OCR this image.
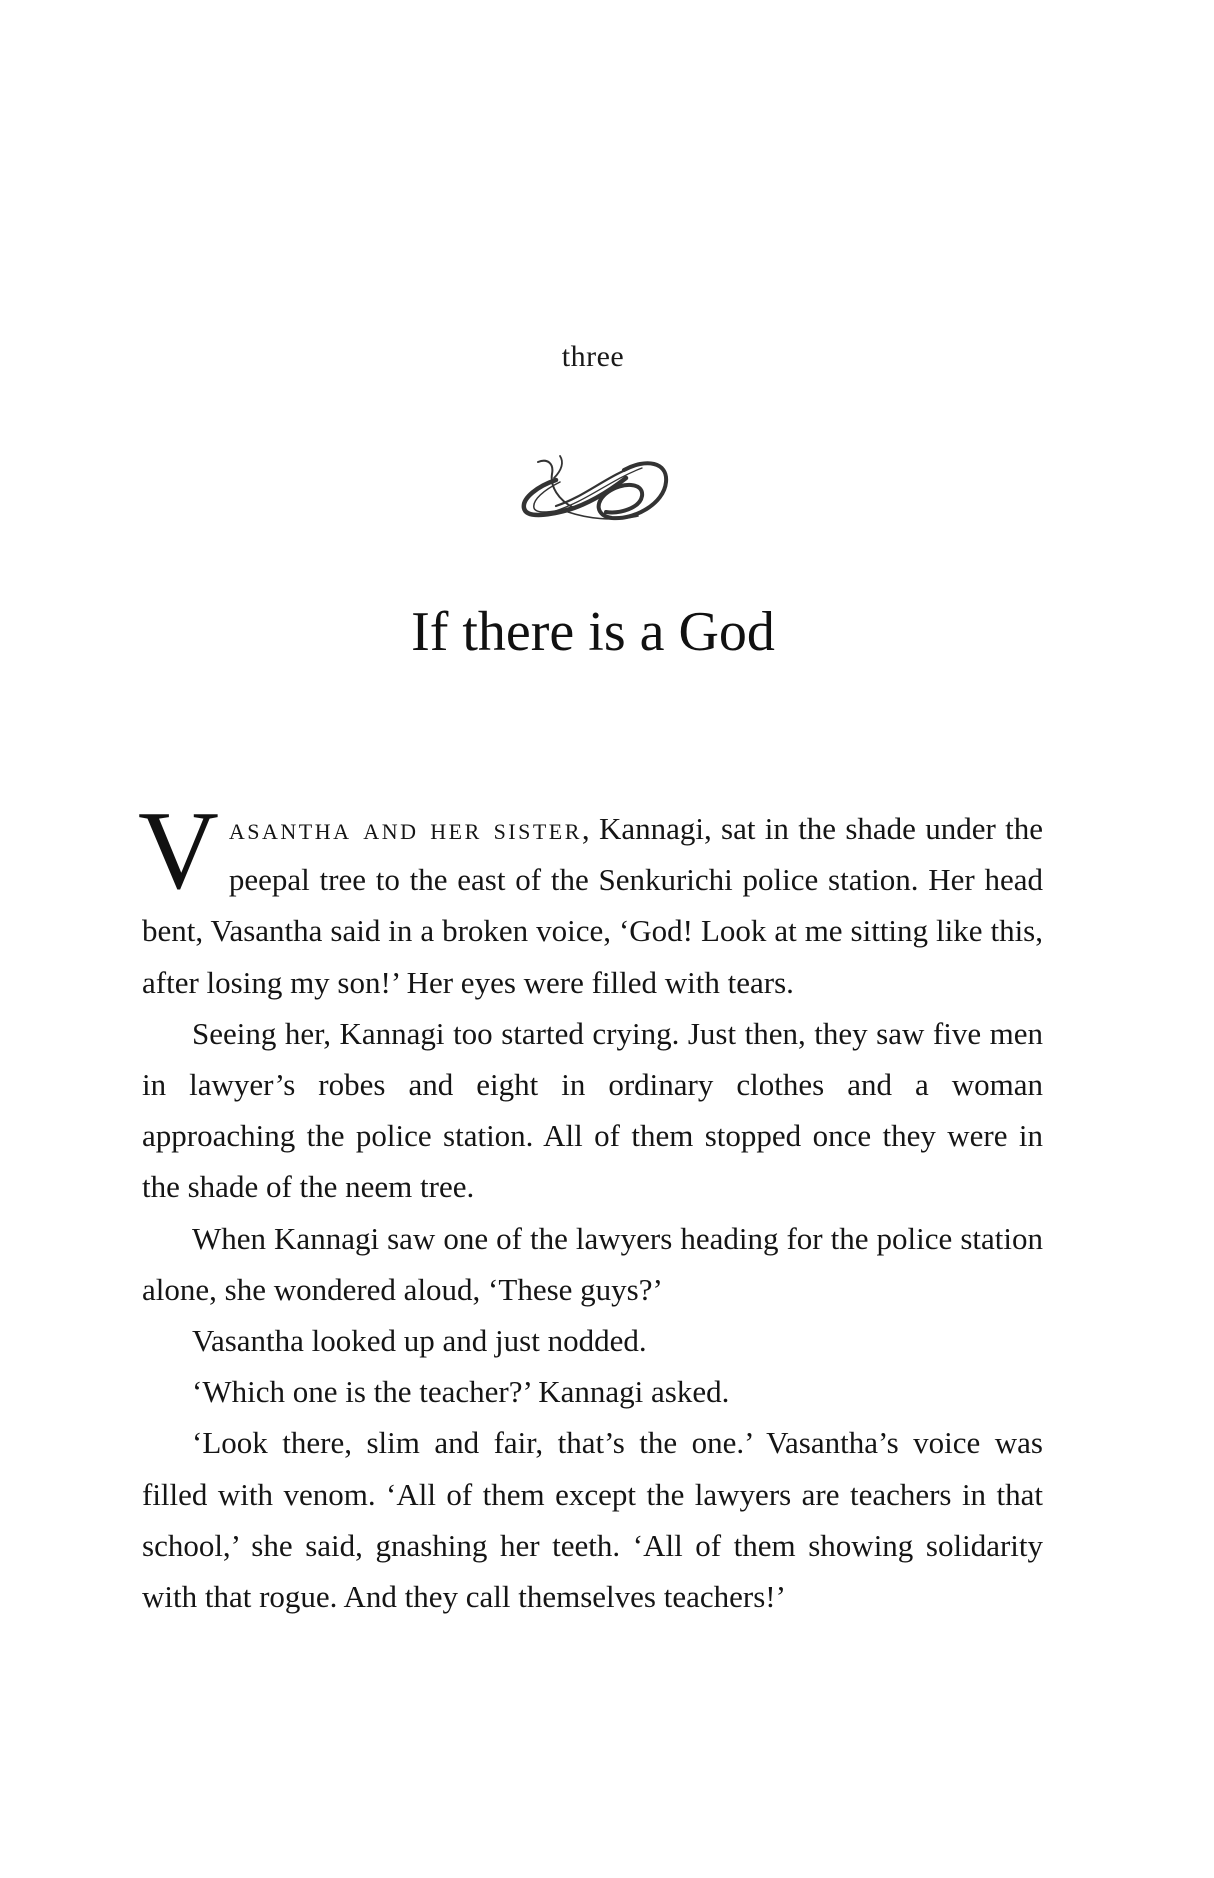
three
If there is a God

Vasantha and her sister, Kannagi, sat in the shade under the peepal tree to the east of the Senkurichi police station. Her head bent, Vasantha said in a broken voice, ‘God! Look at me sitting like this, after losing my son!’ Her eyes were filled with tears.

Seeing her, Kannagi too started crying. Just then, they saw five men in lawyer’s robes and eight in ordinary clothes and a woman approaching the police station. All of them stopped once they were in the shade of the neem tree.

When Kannagi saw one of the lawyers heading for the police station alone, she wondered aloud, ‘These guys?’

Vasantha looked up and just nodded.

‘Which one is the teacher?’ Kannagi asked.

‘Look there, slim and fair, that’s the one.’ Vasantha’s voice was filled with venom. ‘All of them except the lawyers are teachers in that school,’ she said, gnashing her teeth. ‘All of them showing solidarity with that rogue. And they call themselves teachers!’
